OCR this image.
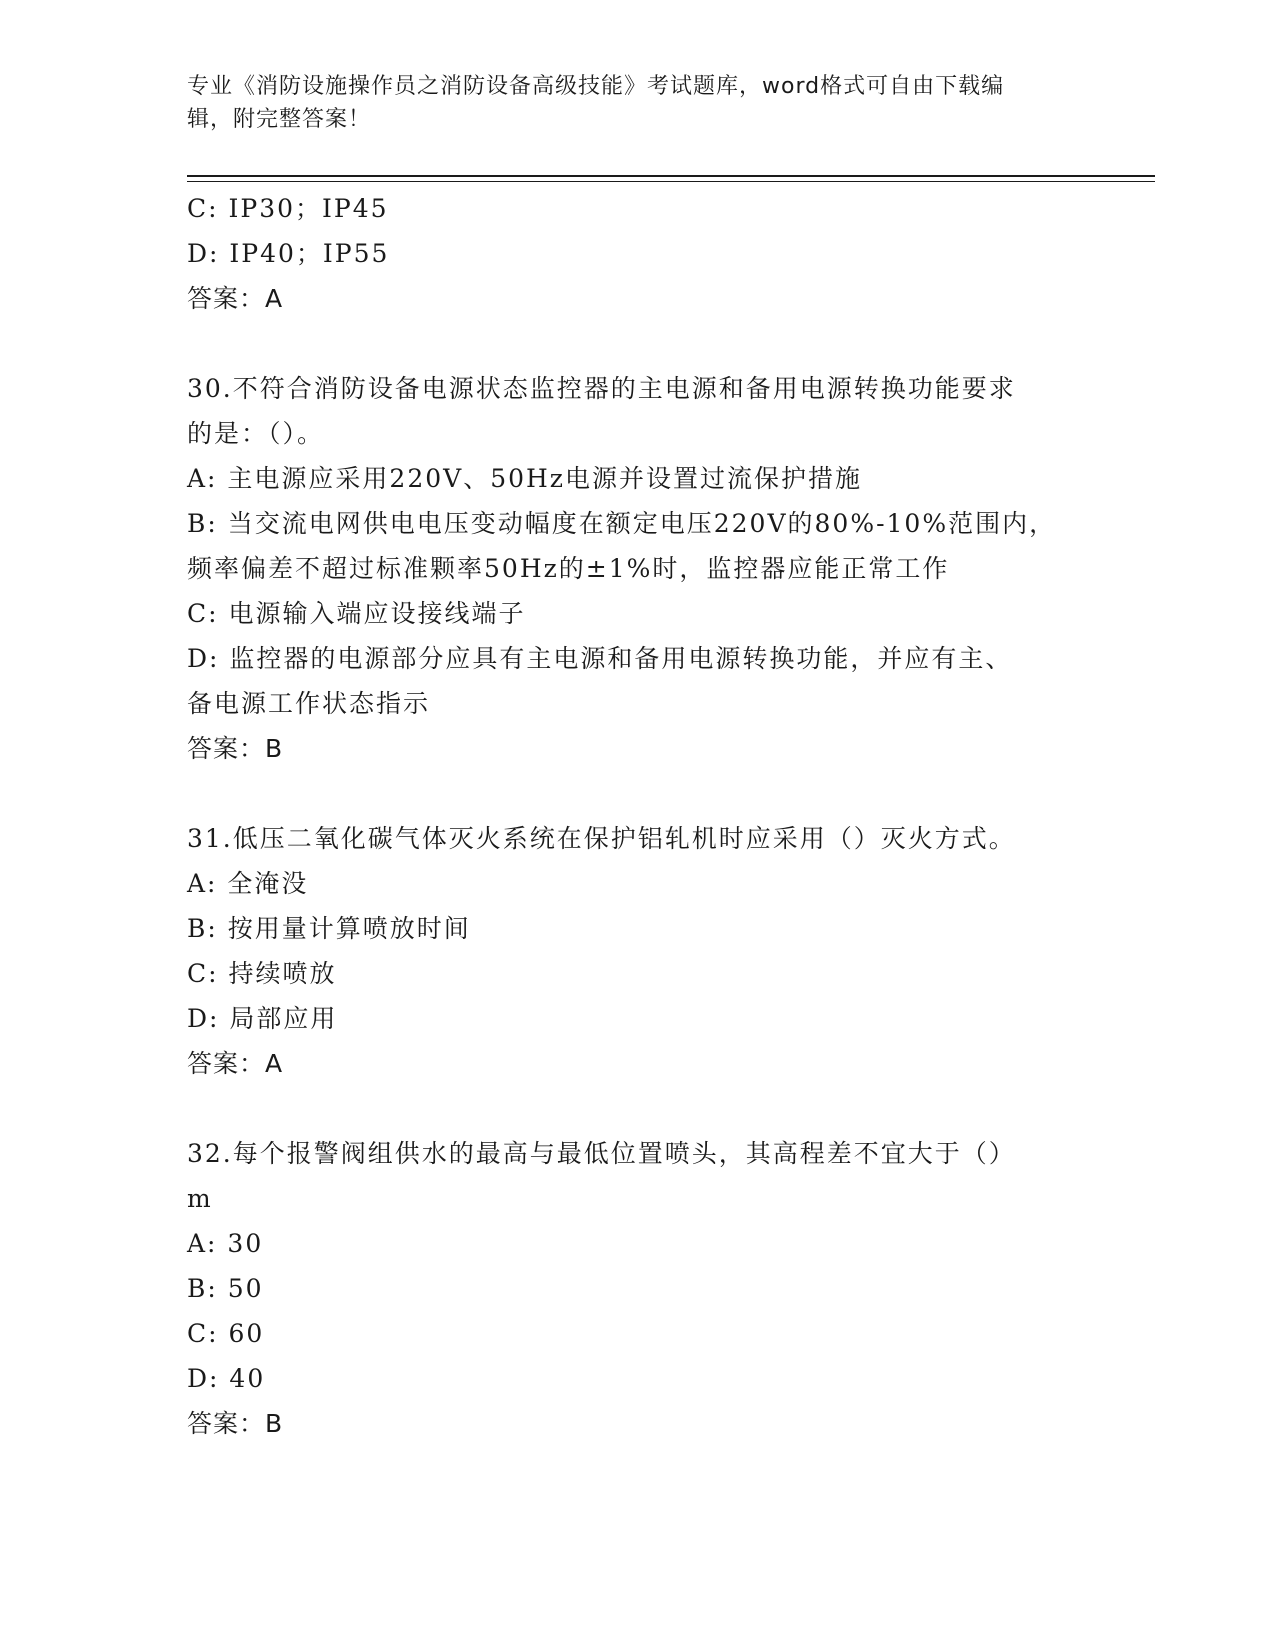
专业《消防设施操作员之消防设备高级技能》考试题库，word格式可自由下载编
辑，附完整答案！
C: IP30；IP45
D: IP40；IP55
答案：A
30.不符合消防设备电源状态监控器的主电源和备用电源转换功能要求
的是：（）。
A: 主电源应采用220V、50Hz电源并设置过流保护措施
B: 当交流电网供电电压变动幅度在额定电压220V的80%-10%范围内，
频率偏差不超过标准颗率50Hz的±1%时，监控器应能正常工作
C: 电源输入端应设接线端子
D: 监控器的电源部分应具有主电源和备用电源转换功能，并应有主、
备电源工作状态指示
答案：B
31.低压二氧化碳气体灭火系统在保护铝轧机时应采用（）灭火方式。
A: 全淹没
B: 按用量计算喷放时间
C: 持续喷放
D: 局部应用
答案：A
32.每个报警阀组供水的最高与最低位置喷头，其高程差不宜大于（）
m
A: 30
B: 50
C: 60
D: 40
答案：B
